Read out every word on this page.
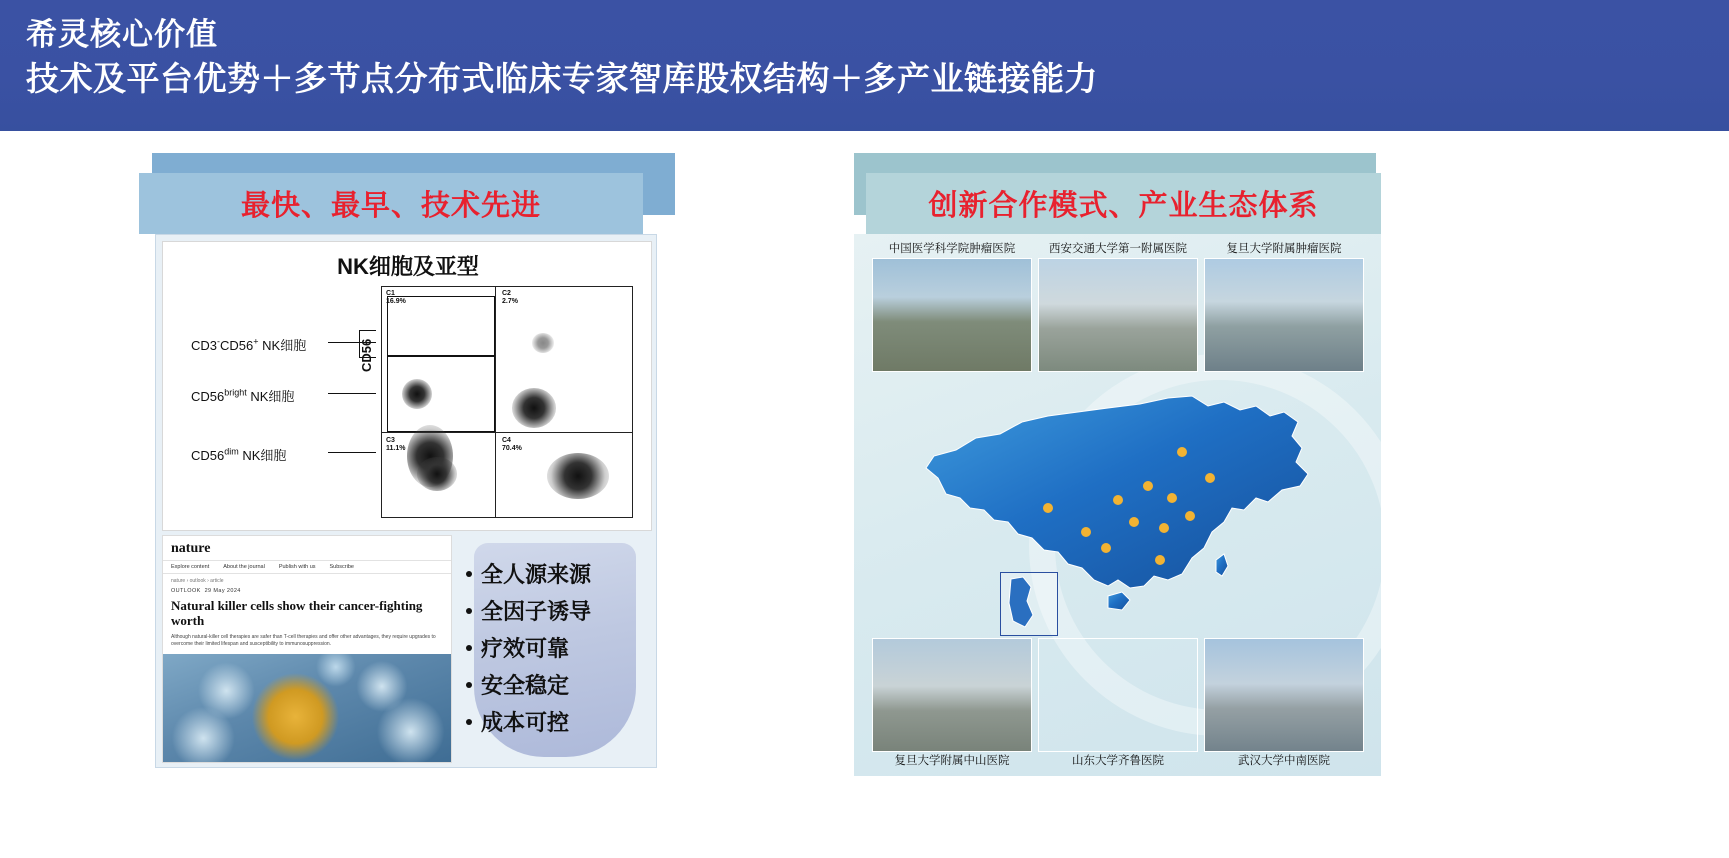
希灵核心价值
技术及平台优势＋多节点分布式临床专家智库股权结构＋多产业链接能力
最快、最早、技术先进
NK细胞及亚型
CD3-CD56+ NK细胞
$CD56^{bright}$ NK细胞
$CD56^{dim}$ NK细胞
CD56
C1
16.9%
C2
2.7%
C3
11.1%
C4
70.4%
nature
Explore content	About the journal	Publish with us	Subscribe
nature › outlook › article
OUTLOOK 29 May 2024
Natural killer cells show their cancer-fighting worth
Although natural-killer cell therapies are safer than T-cell therapies and offer other advantages, they require upgrades to overcome their limited lifespan and susceptibility to immunosuppression.
全人源来源
全因子诱导
疗效可靠
安全稳定
成本可控
创新合作模式、产业生态体系
中国医学科学院肿瘤医院	西安交通大学第一附属医院	复旦大学附属肿瘤医院
复旦大学附属中山医院	山东大学齐鲁医院	武汉大学中南医院
